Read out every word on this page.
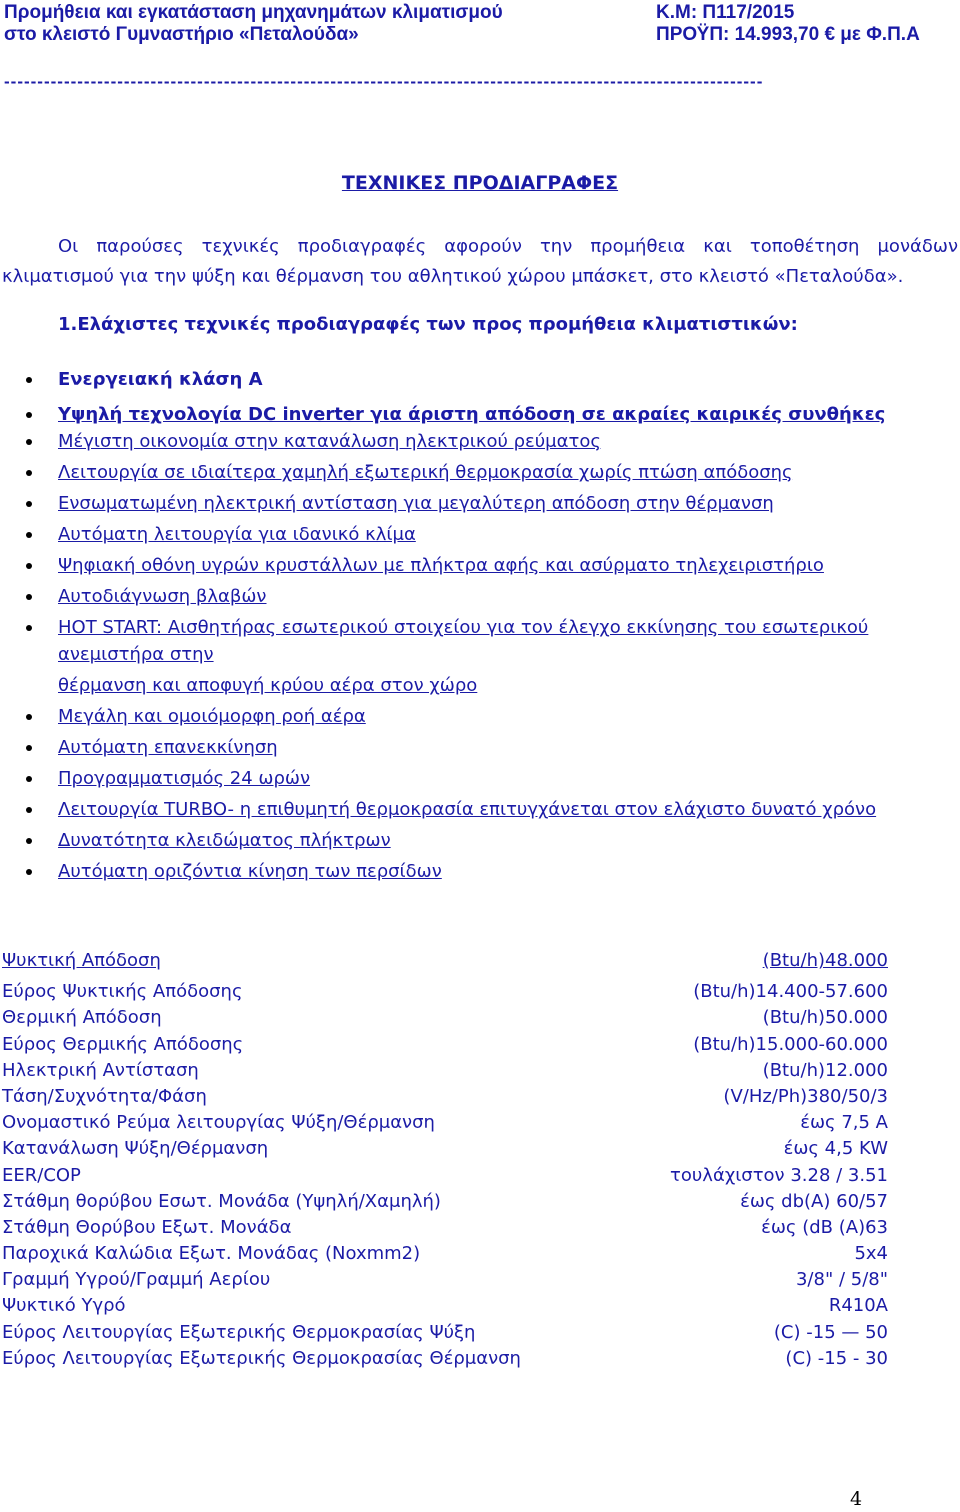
Προμήθεια και εγκατάσταση μηχανημάτων κλιματισμού	Κ.Μ: Π117/2015
στο κλειστό Γυμναστήριο «Πεταλούδα»	ΠΡΟΫΠ: 14.993,70 € με Φ.Π.Α
------------------------------------------------------------------------------------------------------------------
ΤΕΧΝΙΚΕΣ ΠΡΟΔΙΑΓΡΑΦΕΣ
Οι παρούσες τεχνικές προδιαγραφές αφορούν την προμήθεια και τοποθέτηση μονάδων
κλιματισμού για την ψύξη και θέρμανση του αθλητικού χώρου μπάσκετ, στο κλειστό «Πεταλούδα».
1.Ελάχιστες τεχνικές προδιαγραφές των προς προμήθεια κλιματιστικών:
Ενεργειακή κλάση Α
Υψηλή τεχνολογία DC inverter για άριστη απόδοση σε ακραίες καιρικές συνθήκες
Μέγιστη οικονομία στην κατανάλωση ηλεκτρικού ρεύματος
Λειτουργία σε ιδιαίτερα χαμηλή εξωτερική θερμοκρασία χωρίς πτώση απόδοσης
Ενσωματωμένη ηλεκτρική αντίσταση για μεγαλύτερη απόδοση στην θέρμανση
Αυτόματη λειτουργία για ιδανικό κλίμα
Ψηφιακή οθόνη υγρών κρυστάλλων με πλήκτρα αφής και ασύρματο τηλεχειριστήριο
Αυτοδιάγνωση βλαβών
HOT START: Αισθητήρας εσωτερικού στοιχείου για τον έλεγχο εκκίνησης του εσωτερικού ανεμιστήρα στην
θέρμανση και αποφυγή κρύου αέρα στον χώρο
Μεγάλη και ομοιόμορφη ροή αέρα
Αυτόματη επανεκκίνηση
Προγραμματισμός 24 ωρών
Λειτουργία TURBO- η επιθυμητή θερμοκρασία επιτυγχάνεται στον ελάχιστο δυνατό χρόνο
Δυνατότητα κλειδώματος πλήκτρων
Αυτόματη οριζόντια κίνηση των περσίδων
Ψυκτική Απόδοση	(Btu/h)48.000
Εύρος Ψυκτικής Απόδοσης	(Btu/h)14.400-57.600
Θερμική Απόδοση	(Btu/h)50.000
Εύρος Θερμικής Απόδοσης	(Btu/h)15.000-60.000
Ηλεκτρική Αντίσταση	(Btu/h)12.000
Τάση/Συχνότητα/Φάση	(V/Hz/Ph)380/50/3
Ονομαστικό Ρεύμα λειτουργίας Ψύξη/Θέρμανση	έως 7,5 A
Κατανάλωση Ψύξη/Θέρμανση	έως 4,5 KW
EER/COP	τουλάχιστον 3.28 / 3.51
Στάθμη θορύβου Εσωτ. Μονάδα (Υψηλή/Χαμηλή)	έως db(A) 60/57
Στάθμη Θορύβου Εξωτ. Μονάδα	έως (dB (A)63
Παροχικά Καλώδια Εξωτ. Μονάδας (Noxmm2)	5x4
Γραμμή Υγρού/Γραμμή Αερίου	3/8" / 5/8"
Ψυκτικό Υγρό	R410A
Εύρος Λειτουργίας Εξωτερικής Θερμοκρασίας Ψύξη	(C) -15 — 50
Εύρος Λειτουργίας Εξωτερικής Θερμοκρασίας Θέρμανση	(C) -15 - 30
4
